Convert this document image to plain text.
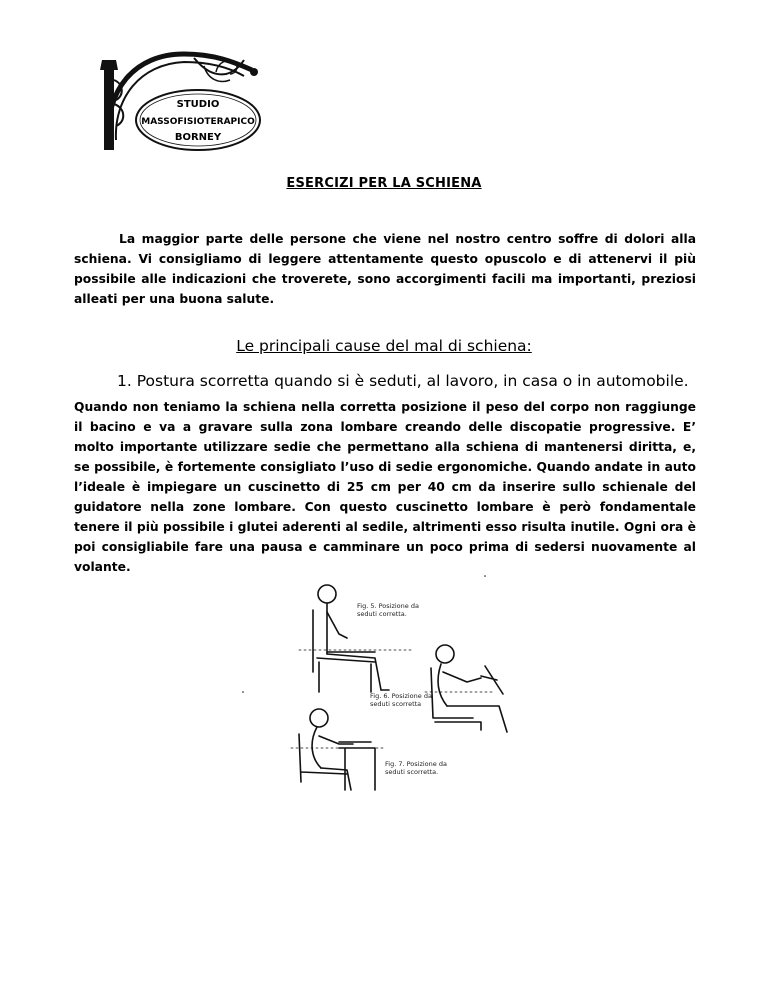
STUDIO
MASSOFISIOTERAPICO
BORNEY
ESERCIZI PER LA SCHIENA
La maggior parte delle persone che viene nel nostro centro soffre di dolori alla schiena. Vi consigliamo di leggere attentamente questo opuscolo e di attenervi il più possibile alle indicazioni che troverete, sono accorgimenti facili ma importanti, preziosi alleati per una buona salute.
Le principali cause del mal di schiena:
1. Postura scorretta quando si è seduti, al lavoro, in casa o in automobile.
Quando non teniamo la schiena nella corretta posizione il peso del corpo non raggiunge il bacino e va a gravare sulla zona lombare creando delle discopatie progressive. E’ molto importante utilizzare sedie che permettano alla schiena di mantenersi diritta, e, se possibile, è fortemente consigliato l’uso di sedie ergonomiche. Quando andate in auto l’ideale è impiegare un cuscinetto di 25 cm per 40 cm da inserire sullo schienale del guidatore nella zone lombare. Con questo cuscinetto lombare è però fondamentale tenere il più possibile i glutei aderenti al sedile, altrimenti esso risulta inutile. Ogni ora è poi consigliabile fare una pausa e camminare un poco prima di sedersi nuovamente al volante.
Fig. 5. Posizione da
seduti corretta.
Fig. 6. Posizione da
seduti scorretta
Fig. 7. Posizione da
seduti scorretta.
